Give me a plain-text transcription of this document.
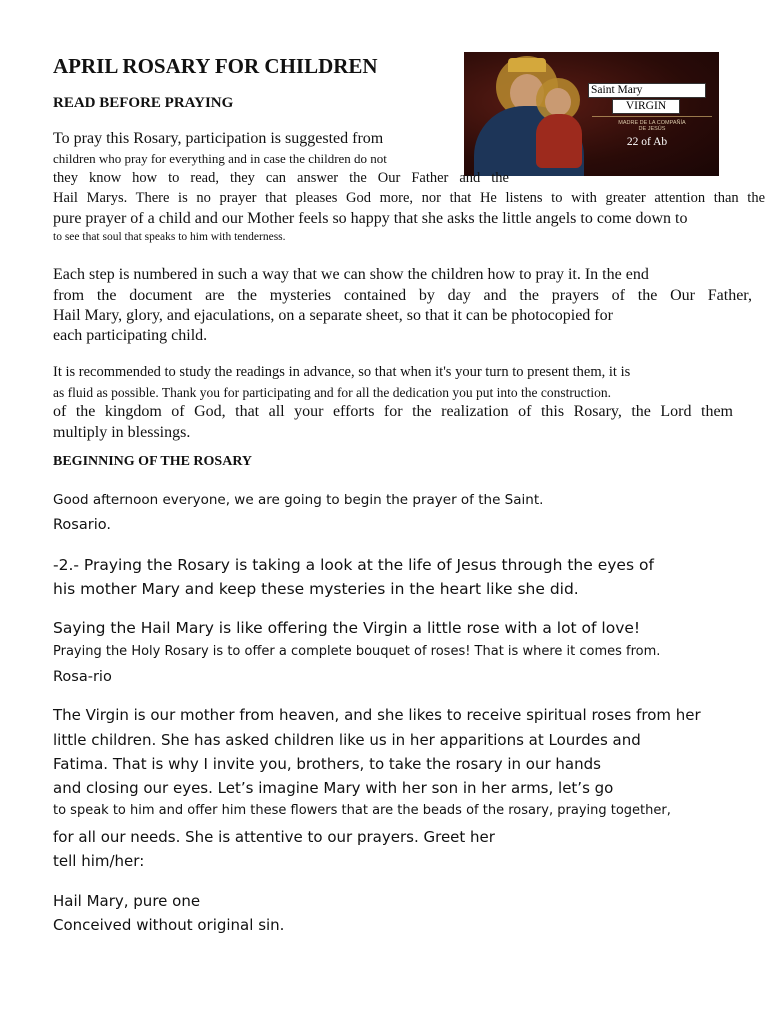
APRIL ROSARY FOR CHILDREN
READ BEFORE PRAYING
Saint Mary
VIRGIN
MADRE DE LA COMPAÑÍA
DE JESÚS
22 of Ab

To pray this Rosary, participation is suggested from

children who pray for everything and in case the children do not

they know how to read, they can answer the Our Father and the

Hail Marys. There is no prayer that pleases God more, nor that He listens to with greater attention than the

pure prayer of a child and our Mother feels so happy that she asks the little angels to come down to

to see that soul that speaks to him with tenderness.

Each step is numbered in such a way that we can show the children how to pray it. In the end

from the document are the mysteries contained by day and the prayers of the Our Father,

Hail Mary, glory, and ejaculations, on a separate sheet, so that it can be photocopied for

each participating child.

It is recommended to study the readings in advance, so that when it's your turn to present them, it is

as fluid as possible. Thank you for participating and for all the dedication you put into the construction.

of the kingdom of God, that all your efforts for the realization of this Rosary, the Lord them

multiply in blessings.

BEGINNING OF THE ROSARY

Good afternoon everyone, we are going to begin the prayer of the Saint.

Rosario.

-2.- Praying the Rosary is taking a look at the life of Jesus through the eyes of

his mother Mary and keep these mysteries in the heart like she did.

Saying the Hail Mary is like offering the Virgin a little rose with a lot of love!

Praying the Holy Rosary is to offer a complete bouquet of roses! That is where it comes from.

Rosa-rio

The Virgin is our mother from heaven, and she likes to receive spiritual roses from her

little children. She has asked children like us in her apparitions at Lourdes and

Fatima. That is why I invite you, brothers, to take the rosary in our hands

and closing our eyes. Let’s imagine Mary with her son in her arms, let’s go

to speak to him and offer him these flowers that are the beads of the rosary, praying together,

for all our needs. She is attentive to our prayers. Greet her

tell him/her:

Hail Mary, pure one

Conceived without original sin.
